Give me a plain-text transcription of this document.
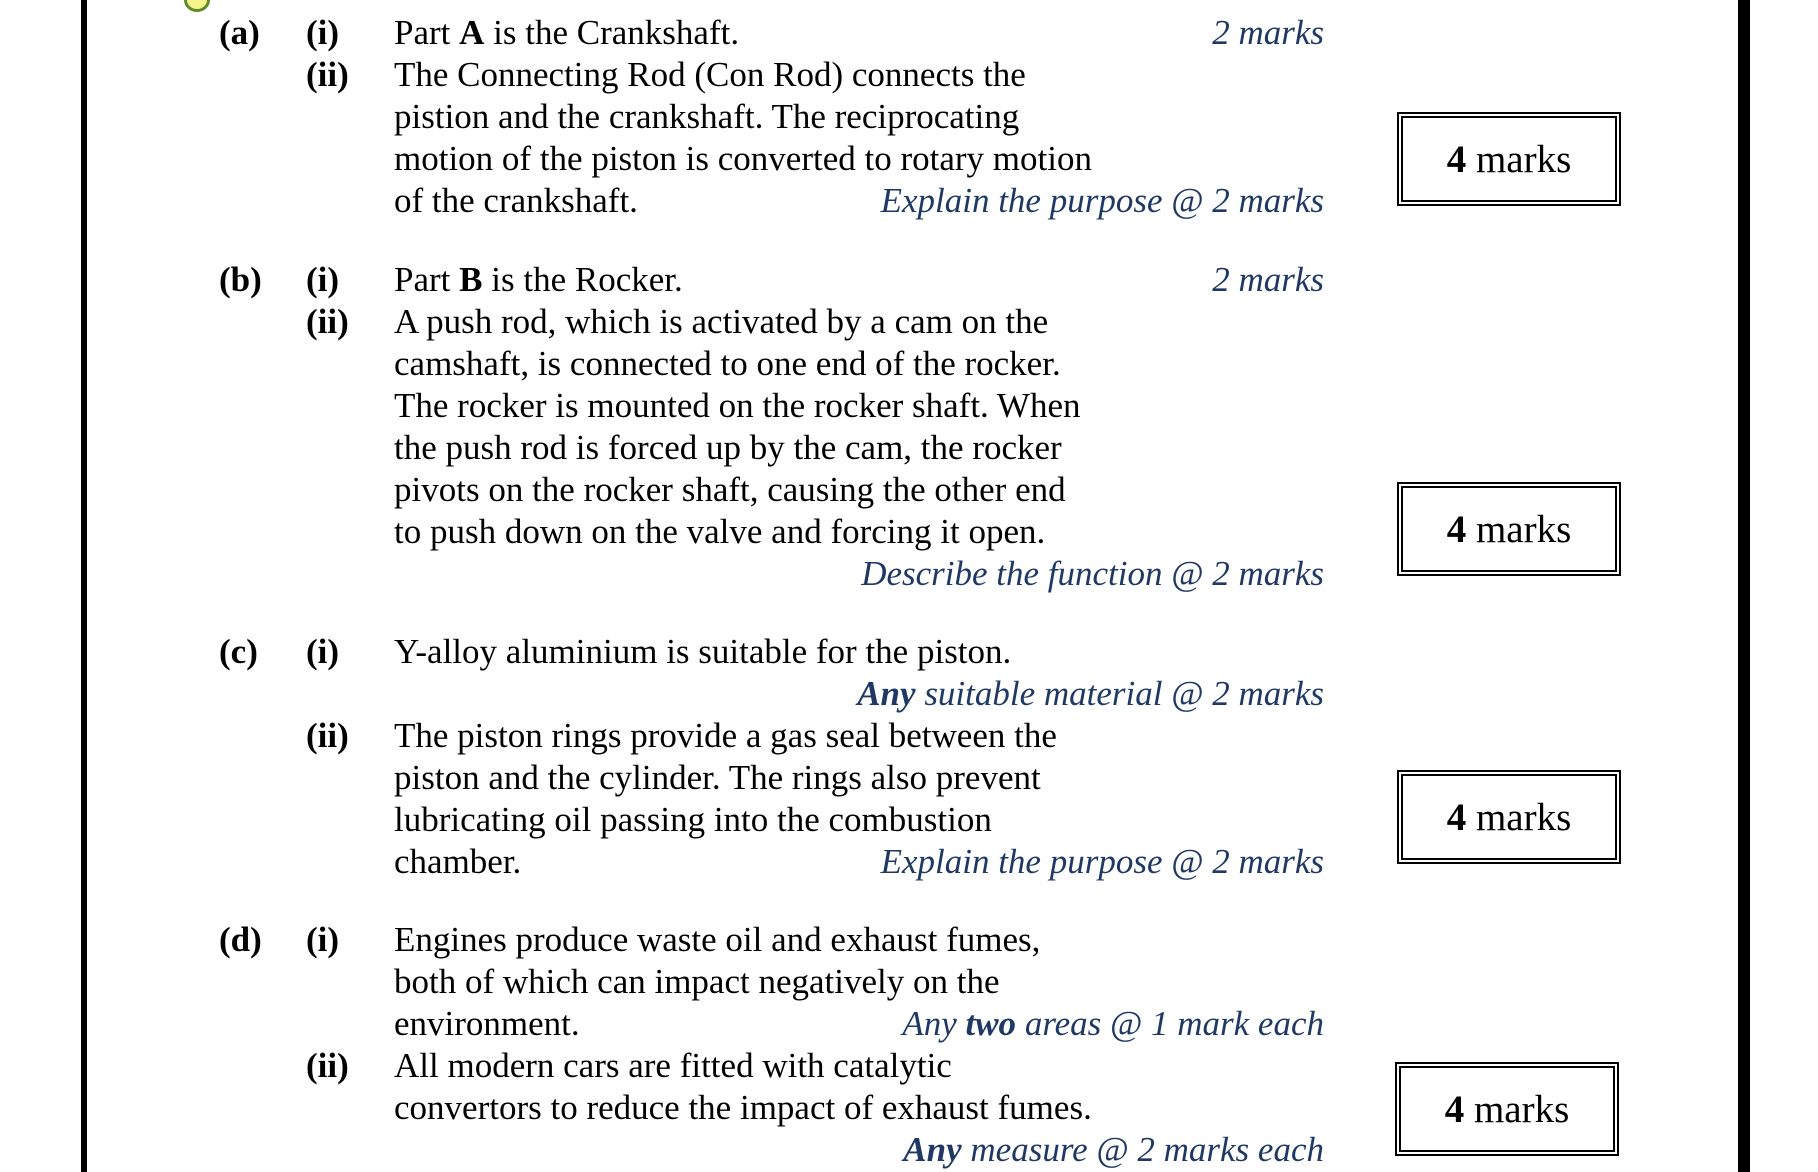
(a) (i) Part A is the Crankshaft.	2 marks
(ii) The Connecting Rod (Con Rod) connects the
pistion and the crankshaft. The reciprocating
motion of the piston is converted to rotary motion
of the crankshaft.	Explain the purpose @ 2 marks
4
marks
(b) (i) Part B is the Rocker.	2 marks
(ii) A push rod, which is activated by a cam on the
camshaft, is connected to one end of the rocker.
The rocker is mounted on the rocker shaft. When
the push rod is forced up by the cam, the rocker
pivots on the rocker shaft, causing the other end
to push down on the valve and forcing it open.
Describe the function @ 2 marks
4
marks
(c) (i) Y-alloy aluminium is suitable for the piston.
Any suitable material @ 2 marks
(ii) The piston rings provide a gas seal between the
piston and the cylinder. The rings also prevent
lubricating oil passing into the combustion
chamber.	Explain the purpose @ 2 marks
4
marks
(d) (i) Engines produce waste oil and exhaust fumes,
both of which can impact negatively on the
environment.	Any two areas @ 1 mark each
(ii) All modern cars are fitted with catalytic
convertors to reduce the impact of exhaust fumes.
Any measure @ 2 marks each
4
marks
